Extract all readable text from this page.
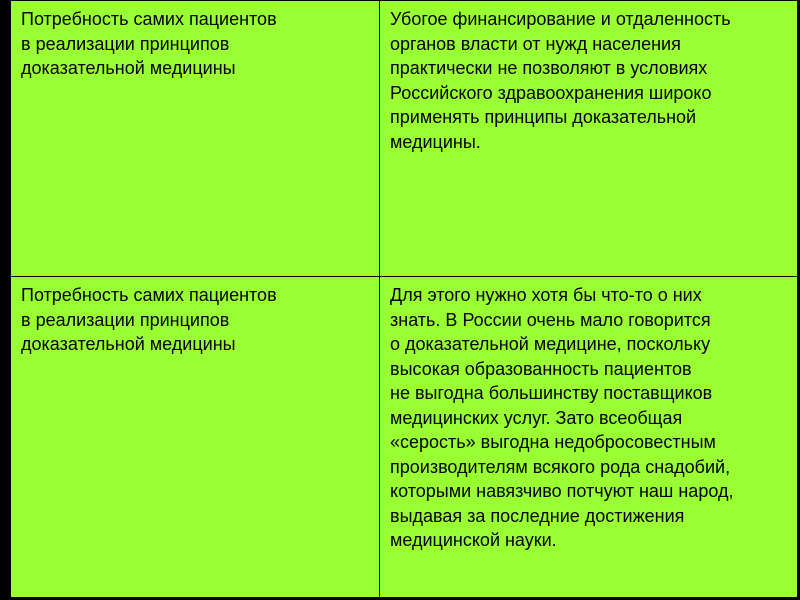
Потребность самих пациентов
в реализации принципов
доказательной медицины
Убогое финансирование и отдаленность
органов власти от нужд населения
практически не позволяют в условиях
Российского здравоохранения широко
применять принципы доказательной
медицины.
Потребность самих пациентов
в реализации принципов
доказательной медицины
Для этого нужно хотя бы что-то о них
знать. В России очень мало говорится
о доказательной медицине, поскольку
высокая образованность пациентов
не выгодна большинству поставщиков
медицинских услуг. Зато всеобщая
«серость» выгодна недобросовестным
производителям всякого рода снадобий,
которыми навязчиво потчуют наш народ,
выдавая за последние достижения
медицинской науки.
